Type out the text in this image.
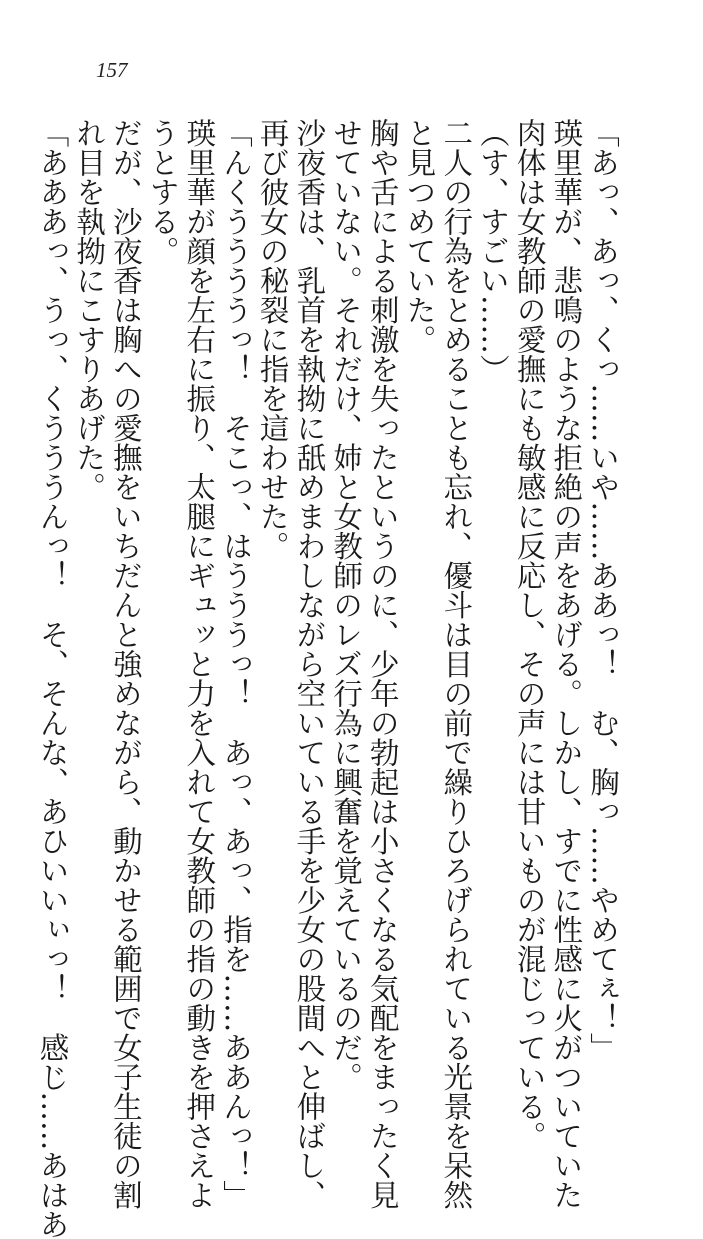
157
「あっ、あっ、くっ……いや……ああっ！　む、胸っ……やめてぇ！」
瑛里華が、悲鳴のような拒絶の声をあげる。しかし、すでに性感に火がついていた
肉体は女教師の愛撫にも敏感に反応し、その声には甘いものが混じっている。
（す、すごい……）
二人の行為をとめることも忘れ、優斗は目の前で繰りひろげられている光景を呆然
と見つめていた。
胸や舌による刺激を失ったというのに、少年の勃起は小さくなる気配をまったく見
せていない。それだけ、姉と女教師のレズ行為に興奮を覚えているのだ。
沙夜香は、乳首を執拗に舐めまわしながら空いている手を少女の股間へと伸ばし、
再び彼女の秘裂に指を這わせた。
「んくううううっ！　そこっ、はうううっ！　あっ、あっ、指を……ああんっ！」
瑛里華が顔を左右に振り、太腿にギュッと力を入れて女教師の指の動きを押さえよ
うとする。
だが、沙夜香は胸への愛撫をいちだんと強めながら、動かせる範囲で女子生徒の割
れ目を執拗にこすりあげた。
「あああっ、うっ、くうううんっ！　そ、そんな、あひいいぃっ！　感じ……あはあ
